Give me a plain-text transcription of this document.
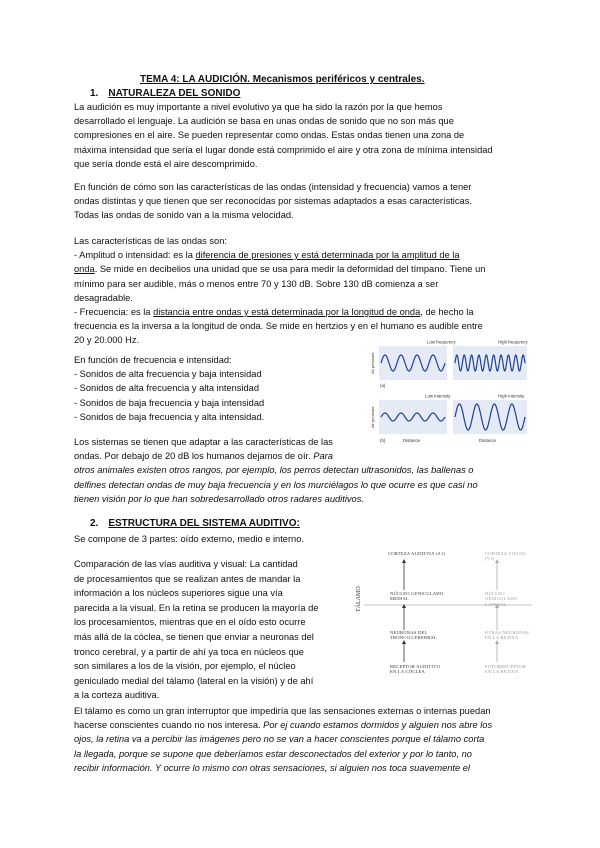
TEMA 4: LA AUDICIÓN. Mecanismos periféricos y centrales.
1. NATURALEZA DEL SONIDO
La audición es muy importante a nivel evolutivo ya que ha sido la razón por la que hemos
desarrollado el lenguaje. La audición se basa en unas ondas de sonido que no son más que
compresiones en el aire. Se pueden representar como ondas. Estas ondas tienen una zona de
máxima intensidad que sería el lugar donde está comprimido el aire y otra zona de mínima intensidad
que sería donde está el aire descomprimido.
En función de cómo son las características de las ondas (intensidad y frecuencia) vamos a tener
ondas distintas y que tienen que ser reconocidas por sistemas adaptados a esas características.
Todas las ondas de sonido van a la misma velocidad.
Las características de las ondas son:
- Amplitud o intensidad: es la diferencia de presiones y está determinada por la amplitud de la
onda. Se mide en decibelios una unidad que se usa para medir la deformidad del tímpano. Tiene un
mínimo para ser audible, más o menos entre 70 y 130 dB. Sobre 130 dB comienza a ser
desagradable.
- Frecuencia: es la distancia entre ondas y está determinada por la longitud de onda, de hecho la
frecuencia es la inversa a la longitud de onda. Se mide en hertzios y en el humano es audible entre
20 y 20.000 Hz.
En función de frecuencia e intensidad:
- Sonidos de alta frecuencia y baja intensidad
- Sonidos de alta frecuencia y alta intensidad
- Sonidos de baja frecuencia y baja intensidad
- Sonidos de baja frecuencia y alta intensidad.
Los sistemas se tienen que adaptar a las características de las
ondas. Por debajo de 20 dB los humanos dejamos de oír. Para
otros animales existen otros rangos, por ejemplo, los perros detectan ultrasonidos, las ballenas o
delfines detectan ondas de muy baja frecuencia y en los murciélagos lo que ocurre es que casi no
tienen visión por lo que han sobredesarrollado otros radares auditivos.
Low frequency	High frequency
Low intensity	High intensity
Air pressure
Air pressure
(a)
(b)	Distance	Distance
2. ESTRUCTURA DEL SISTEMA AUDITIVO:
Se compone de 3 partes: oído externo, medio e interno.
Comparación de las vías auditiva y visual: La cantidad
de procesamientos que se realizan antes de mandar la
información a los núcleos superiores sigue una vía
parecida a la visual. En la retina se producen la mayoría de
los procesamientos, mientras que en el oído esto ocurre
más allá de la cóclea, se tienen que enviar a neuronas del
tronco cerebral, y a partir de ahí ya toca en núcleos que
son similares a los de la visión, por ejemplo, el núcleo
geniculado medial del tálamo (lateral en la visión) y de ahí
a la corteza auditiva.
TÁLAMO
CORTEZA AUDITIVA (A1)	CORTEZA VISUAL (V1)
NÚCLEO GENICULADO
MEDIAL
NÚCLEO GENICULADO
LATERAL
NEURONAS DEL
TRONCO CEREBRAL
OTRAS NEURONAS
EN LA RETINA
RECEPTOR AUDITIVO
EN LA CÓCLEA
FOTORRECEPTOR
EN LA RETINA
El tálamo es como un gran interruptor que impediría que las sensaciones externas o internas puedan
hacerse conscientes cuando no nos interesa. Por ej cuando estamos dormidos y alguien nos abre los
ojos, la retina va a percibir las imágenes pero no se van a hacer conscientes porque el tálamo corta
la llegada, porque se supone que deberíamos estar desconectados del exterior y por lo tanto, no
recibir información. Y ocurre lo mismo con otras sensaciones, si alguien nos toca suavemente el
